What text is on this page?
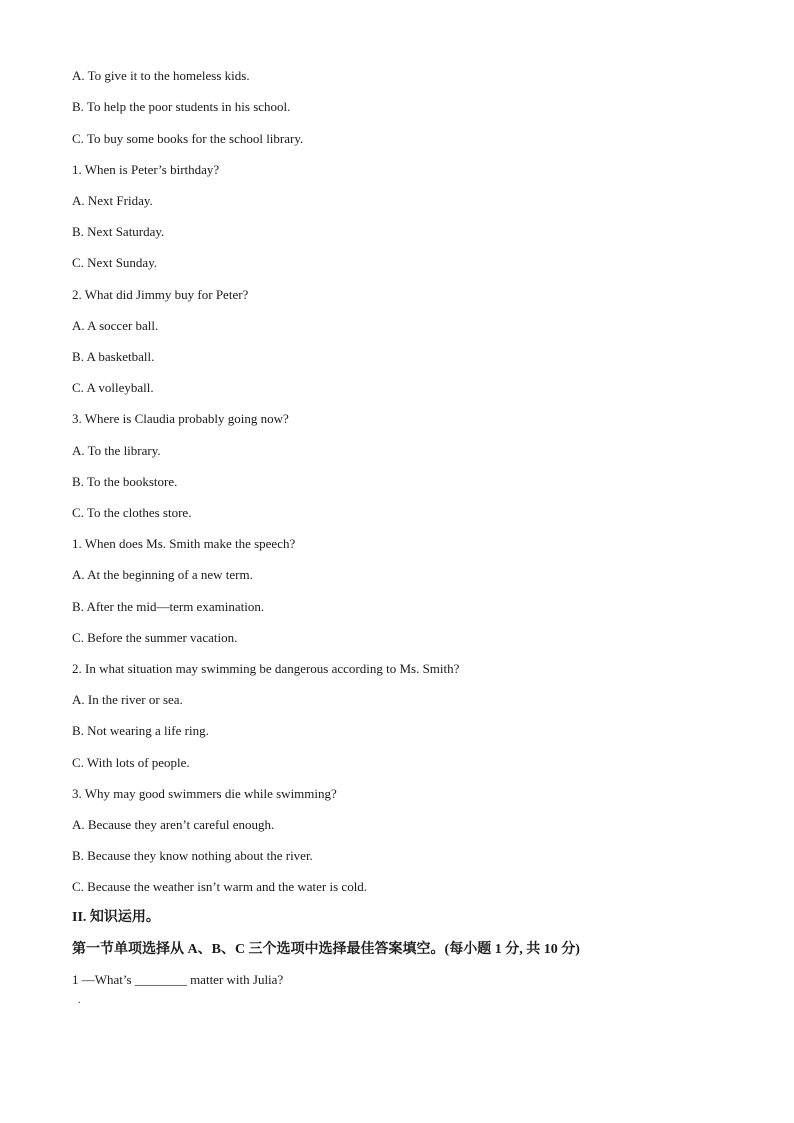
A. To give it to the homeless kids.
B. To help the poor students in his school.
C. To buy some books for the school library.
1. When is Peter’s birthday?
A. Next Friday.
B. Next Saturday.
C. Next Sunday.
2. What did Jimmy buy for Peter?
A. A soccer ball.
B. A basketball.
C. A volleyball.
3. Where is Claudia probably going now?
A. To the library.
B. To the bookstore.
C. To the clothes store.
1. When does Ms. Smith make the speech?
A. At the beginning of a new term.
B. After the mid—term examination.
C. Before the summer vacation.
2. In what situation may swimming be dangerous according to Ms. Smith?
A. In the river or sea.
B. Not wearing a life ring.
C. With lots of people.
3. Why may good swimmers die while swimming?
A. Because they aren’t careful enough.
B. Because they know nothing about the river.
C. Because the weather isn’t warm and the water is cold.
II. 知识运用。
第一节单项选择从 A、B、C 三个选项中选择最佳答案填空。(每小题 1 分, 共 10 分)
1 —What’s ________ matter with Julia?
.
